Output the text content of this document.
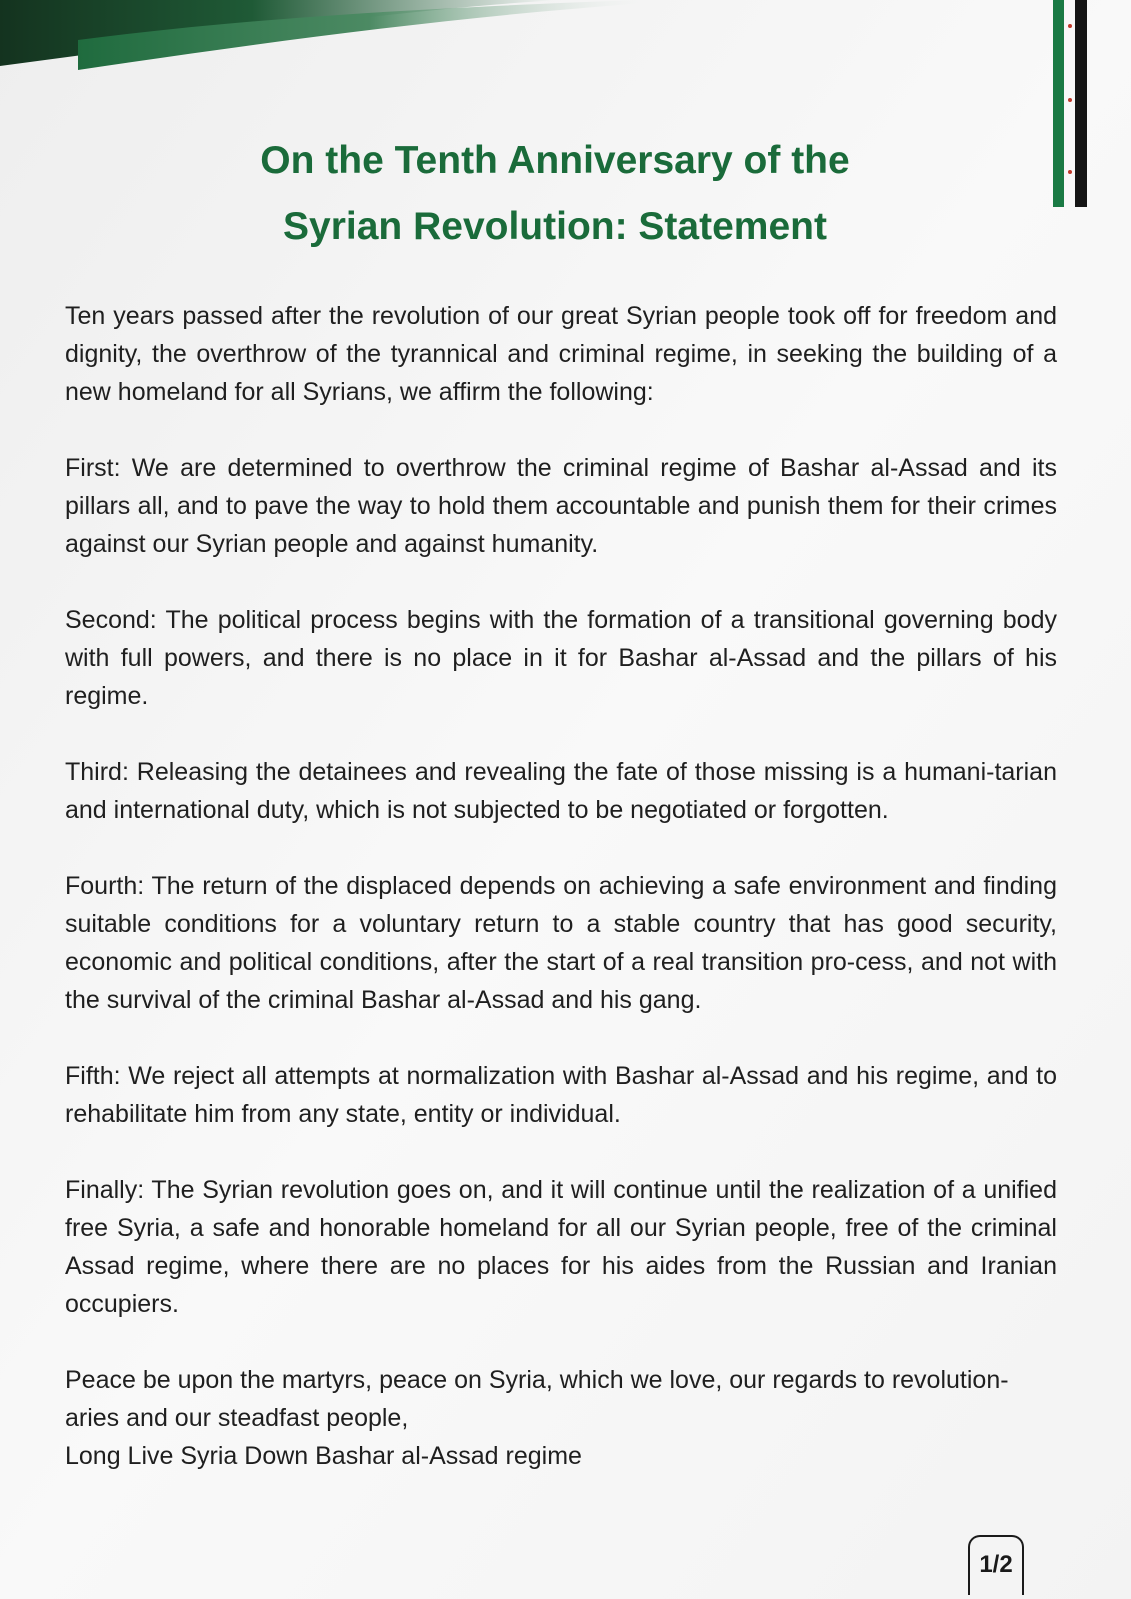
On the Tenth Anniversary of the
Syrian Revolution: Statement

Ten years passed after the revolution of our great Syrian people took off for freedom and dignity, the overthrow of the tyrannical and criminal regime, in seeking the building of a new homeland for all Syrians, we affirm the following:

First: We are determined to overthrow the criminal regime of Bashar al-Assad and its pillars all, and to pave the way to hold them accountable and punish them for their crimes against our Syrian people and against humanity.

Second: The political process begins with the formation of a transitional governing body with full powers, and there is no place in it for Bashar al-Assad and the pillars of his regime.

Third: Releasing the detainees and revealing the fate of those missing is a humani-tarian and international duty, which is not subjected to be negotiated or forgotten.

Fourth: The return of the displaced depends on achieving a safe environment and finding suitable conditions for a voluntary return to a stable country that has good security, economic and political conditions, after the start of a real transition pro-cess, and not with the survival of the criminal Bashar al-Assad and his gang.

Fifth: We reject all attempts at normalization with Bashar al-Assad and his regime, and to rehabilitate him from any state, entity or individual.

Finally: The Syrian revolution goes on, and it will continue until the realization of a unified free Syria, a safe and honorable homeland for all our Syrian people, free of the criminal Assad regime, where there are no places for his aides from the Russian and Iranian occupiers.

Peace be upon the martyrs, peace on Syria, which we love, our regards to revolution-aries and our steadfast people,
Long Live Syria Down Bashar al-Assad regime

1/2
